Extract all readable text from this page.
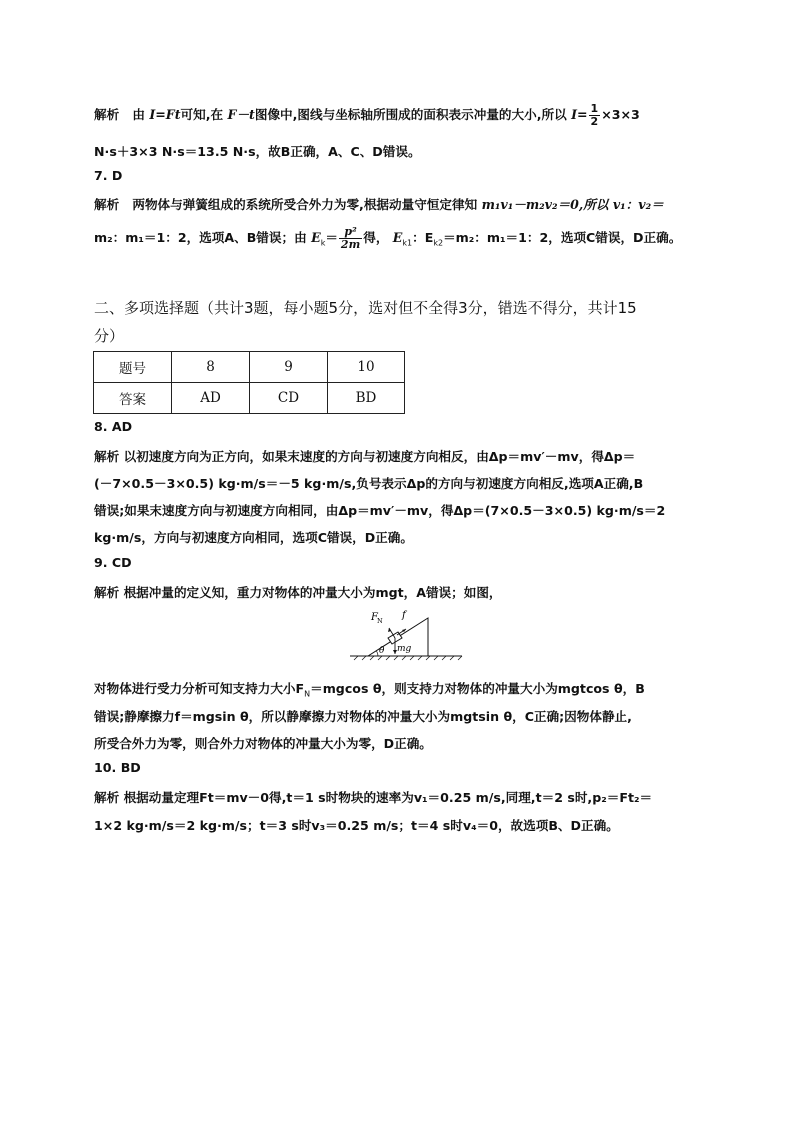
解析 由 I=Ft可知,在 F－t图像中,图线与坐标轴所围成的面积表示冲量的大小,所以 $I= \frac{1}{2} \times 3\times 3$
N·s＋3×3 N·s＝13.5 N·s，故B正确，A、C、D错误。
7. D
解析 两物体与弹簧组成的系统所受合外力为零,根据动量守恒定律知 m₁v₁－m₂v₂＝0,所以 v₁：v₂＝
m₂：m₁＝1：2，选项A、B错误；由 $E_k= \frac{\text{p²}}{2m}$ 得， $E_{k1}$：$E_{k2}=m_2$：m₁＝1：2，选项C错误，D正确。
二、多项选择题（共计3题，每小题5分，选对但不全得3分，错选不得分，共计15
分）
题号	8	9	10
答案	AD	CD	BD
8. AD
解析 以初速度方向为正方向，如果末速度的方向与初速度方向相反，由Δp＝mv′－mv，得Δp＝
(－7×0.5－3×0.5) kg·m/s＝－5 kg·m/s,负号表示Δp的方向与初速度方向相反,选项A正确,B
错误;如果末速度方向与初速度方向相同，由Δp＝mv′－mv，得Δp＝(7×0.5－3×0.5) kg·m/s＝2
kg·m/s，方向与初速度方向相同，选项C错误，D正确。
9. CD
解析 根据冲量的定义知，重力对物体的冲量大小为mgt，A错误；如图，
θ
F N f
mg
对物体进行受力分析可知支持力大小$F_N=mgcos$ θ，则支持力对物体的冲量大小为mgtcos θ，B
错误;静摩擦力f＝mgsin θ，所以静摩擦力对物体的冲量大小为mgtsin θ，C正确;因物体静止,
所受合外力为零，则合外力对物体的冲量大小为零，D正确。
10. BD
解析 根据动量定理Ft＝mv－0得,t＝1 s时物块的速率为v₁＝0.25 m/s,同理,t＝2 s时,p₂＝Ft₂＝
1×2 kg·m/s＝2 kg·m/s；t＝3 s时v₃＝0.25 m/s；t＝4 s时v₄＝0，故选项B、D正确。
